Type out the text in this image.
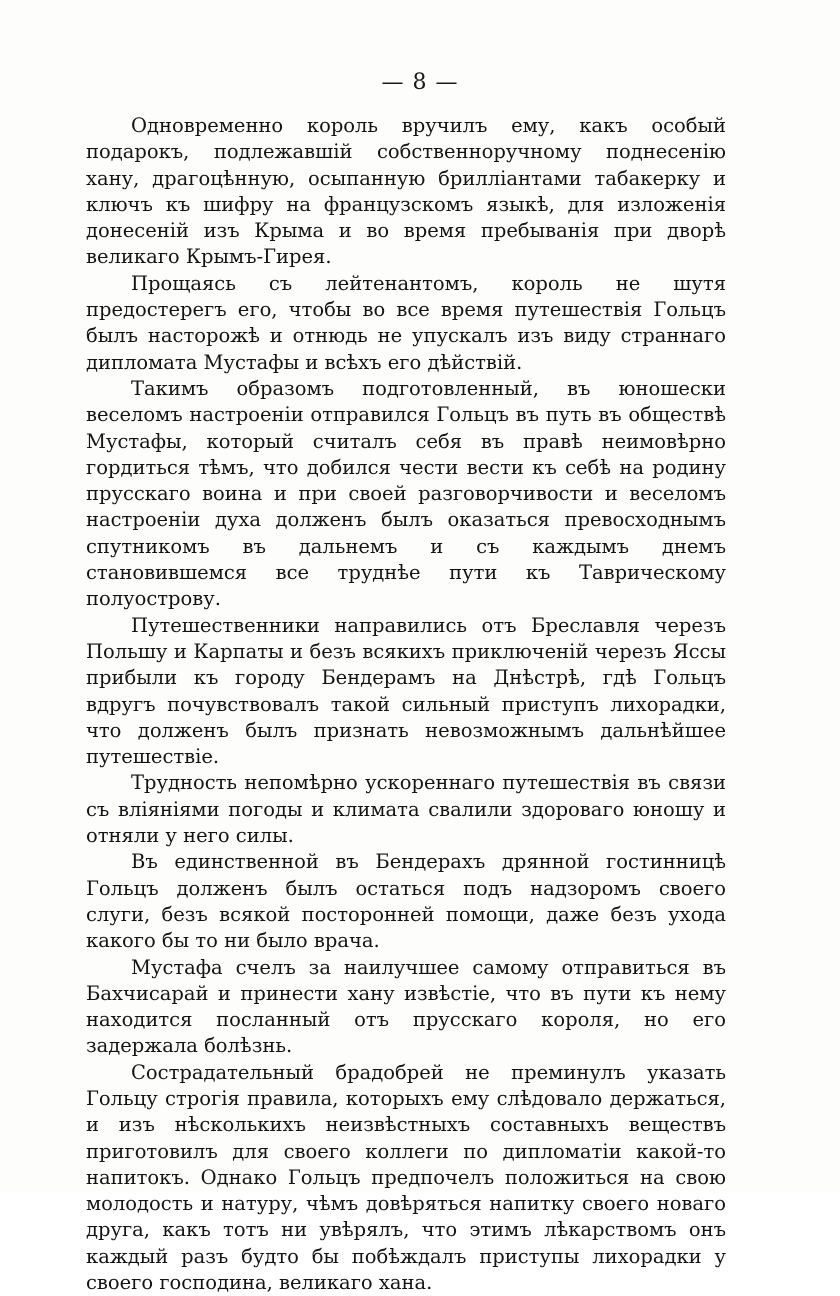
— 8 —

Одновременно король вручилъ ему, какъ особый подарокъ, подлежавшій собственноручному поднесенію хану, драгоцѣнную, осыпанную бриллiантами табакерку и ключъ къ шифру на французскомъ языкѣ, для изложенія донесеній изъ Крыма и во время пребыванія при дворѣ великаго Крымъ-Гирея.

Прощаясь съ лейтенантомъ, король не шутя предостерегъ его, чтобы во все время путешествія Гольцъ былъ насторожѣ и отнюдь не упускалъ изъ виду страннаго дипломата Мустафы и всѣхъ его дѣйствій.

Такимъ образомъ подготовленный, въ юношески веселомъ настроеніи отправился Гольцъ въ путь въ обществѣ Мустафы, который считалъ себя въ правѣ неимовѣрно гордиться тѣмъ, что добился чести вести къ себѣ на родину прусскаго воина и при своей разговорчивости и веселомъ настроеніи духа долженъ былъ оказаться превосходнымъ спутникомъ въ дальнемъ и съ каждымъ днемъ становившемся все труднѣе пути къ Таврическому полуострову.

Путешественники направились отъ Бреславля черезъ Польшу и Карпаты и безъ всякихъ приключеній черезъ Яссы прибыли къ городу Бендерамъ на Днѣстрѣ, гдѣ Гольцъ вдругъ почувствовалъ такой сильный приступъ лихорадки, что долженъ былъ признать невозможнымъ дальнѣйшее путешествіе.

Трудность непомѣрно ускореннаго путешествія въ связи съ вліяніями погоды и климата свалили здороваго юношу и отняли у него силы.

Въ единственной въ Бендерахъ дрянной гостинницѣ Гольцъ долженъ былъ остаться подъ надзоромъ своего слуги, безъ всякой посторонней помощи, даже безъ ухода какого бы то ни было врача.

Мустафа счелъ за наилучшее самому отправиться въ Бахчисарай и принести хану извѣстіе, что въ пути къ нему находится посланный отъ прусскаго короля, но его задержала болѣзнь.

Сострадательный брадобрей не преминулъ указать Гольцу строгія правила, которыхъ ему слѣдовало держаться, и изъ нѣсколькихъ неизвѣстныхъ составныхъ веществъ приготовилъ для своего коллеги по дипломатіи какой-то напитокъ. Однако Гольцъ предпочелъ положиться на свою молодость и натуру, чѣмъ довѣряться напитку своего новаго друга, какъ тотъ ни увѣрялъ, что этимъ лѣкарствомъ онъ каждый разъ будто бы побѣждалъ приступы лихорадки у своего господина, великаго хана.
